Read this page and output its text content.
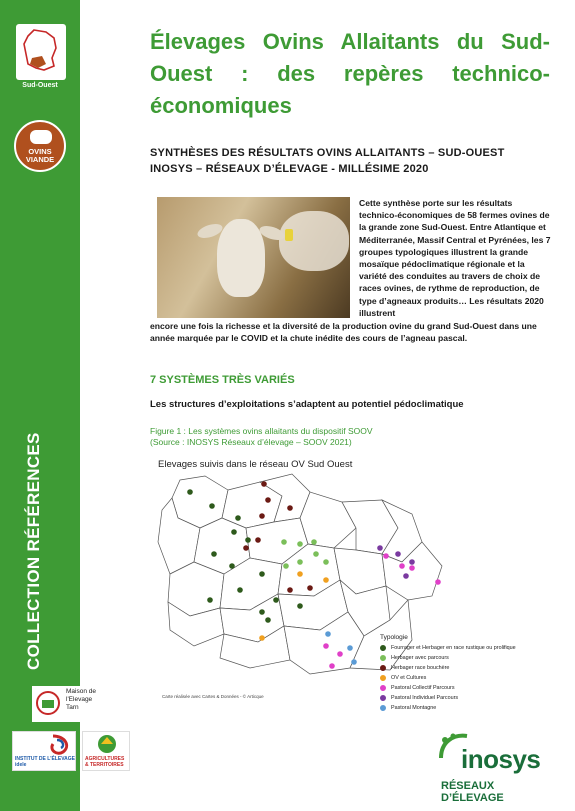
Sud-Ouest
OVINS
VIANDE
COLLECTION RÉFÉRENCES
Maison de
l'Elevage
Tarn
INSTITUT DE L'ÉLEVAGE idele
AGRICULTURES & TERRITOIRES
Élevages Ovins Allaitants du Sud-Ouest : des repères technico-économiques
SYNTHÈSES DES RÉSULTATS OVINS ALLAITANTS – SUD-OUEST INOSYS – RÉSEAUX D’ÉLEVAGE - MILLÉSIME 2020
Cette synthèse porte sur les résultats technico-économiques de 58 fermes ovines de la grande zone Sud-Ouest. Entre Atlantique et Méditerranée, Massif Central et Pyrénées, les 7 groupes typologiques illustrent la grande mosaïque pédoclimatique régionale et la variété des conduites au travers de choix de races ovines, de rythme de reproduction, de type d’agneaux produits… Les résultats 2020 illustrent
encore une fois la richesse et la diversité de la production ovine du grand Sud-Ouest dans une année marquée par le COVID et la chute inédite des cours de l’agneau pascal.
7 SYSTÈMES TRÈS VARIÉS
Les structures d’exploitations s’adaptent au potentiel pédoclimatique
Figure 1 : Les systèmes ovins allaitants du dispositif SOOV
(Source : INOSYS Réseaux d’élevage – SOOV 2021)
Elevages suivis dans le réseau OV Sud Ouest
Typologie
Fourrager et Herbager en race rustique ou prolifique
Herbager avec parcours
Herbager race bouchère
OV et Cultures
Pastoral Collectif Parcours
Pastoral Individuel Parcours
Pastoral Montagne
Carte réalisée avec Cartes & Données - © Articque
inosys
RÉSEAUX D’ÉLEVAGE
